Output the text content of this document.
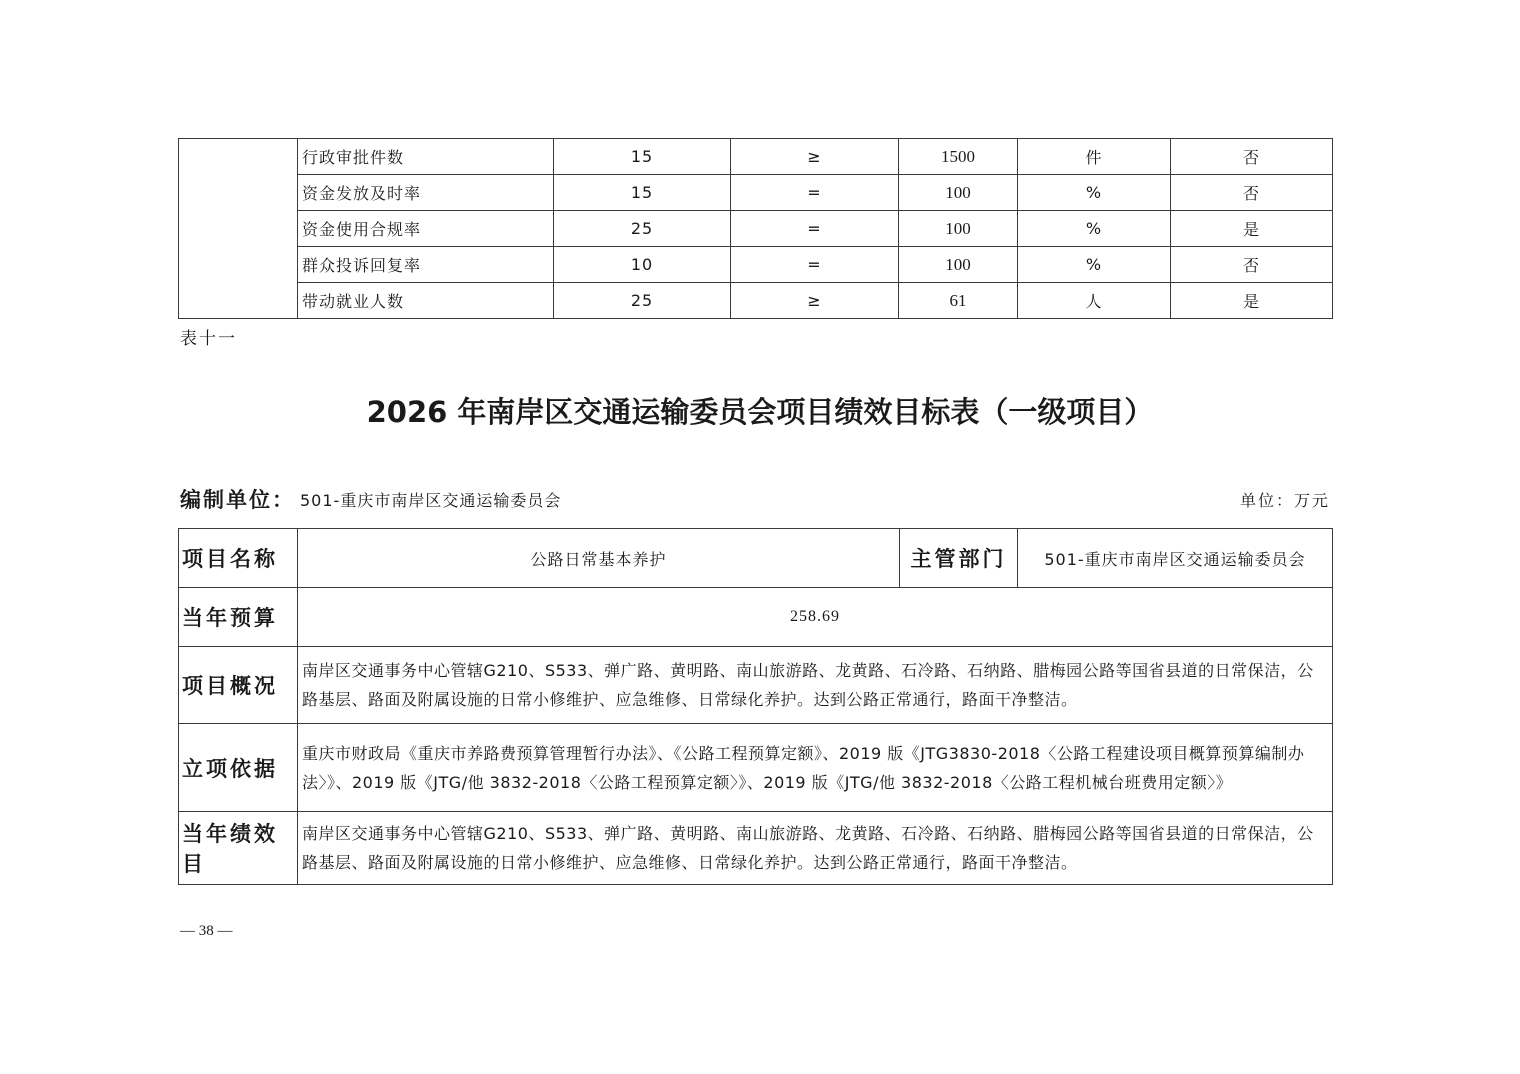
	行政审批件数	15	≥	1500	件	否
	资金发放及时率	15	=	100	%	否
	资金使用合规率	25	=	100	%	是
	群众投诉回复率	10	=	100	%	否
	带动就业人数	25	≥	61	人	是
表十一
2026 年南岸区交通运输委员会项目绩效目标表（一级项目）
编制单位： 501-重庆市南岸区交通运输委员会	单位：万元
项目名称	公路日常基本养护	主管部门	501-重庆市南岸区交通运输委员会
当年预算	258.69		
项目概况	南岸区交通事务中心管辖G210、S533、弹广路、黄明路、南山旅游路、龙黄路、石冷路、石纳路、腊梅园公路等国省县道的日常保洁，公路基层、路面及附属设施的日常小修维护、应急维修、日常绿化养护。达到公路正常通行，路面干净整洁。		
立项依据	重庆市财政局《重庆市养路费预算管理暂行办法》、《公路工程预算定额》、2019 版《JTG3830-2018〈公路工程建设项目概算预算编制办
法〉》、2019 版《JTG/他 3832-2018〈公路工程预算定额〉》、2019 版《JTG/他 3832-2018〈公路工程机械台班费用定额〉》		

当年绩效目	南岸区交通事务中心管辖G210、S533、弹广路、黄明路、南山旅游路、龙黄路、石冷路、石纳路、腊梅园公路等国省县道的日常保洁，公路基层、路面及附属设施的日常小修维护、应急维修、日常绿化养护。达到公路正常通行，路面干净整洁。		
— 38 —
